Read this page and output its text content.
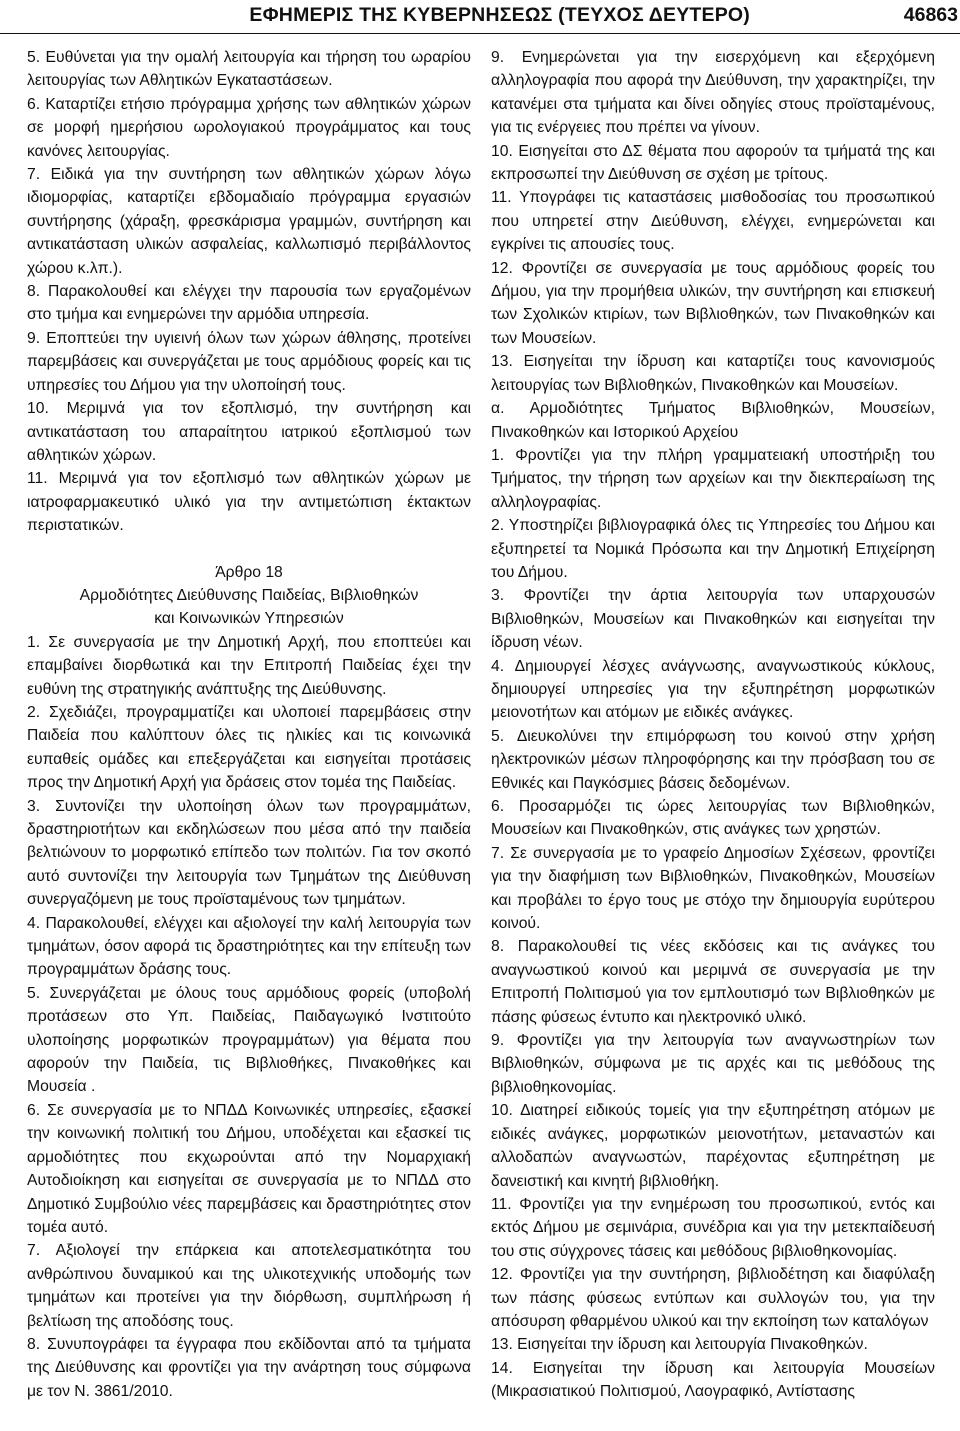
ΕΦΗΜΕΡΙΣ ΤΗΣ ΚΥΒΕΡΝΗΣΕΩΣ (ΤΕΥΧΟΣ ΔΕΥΤΕΡΟ)	46863

5. Ευθύνεται για την ομαλή λειτουργία και τήρηση του ωραρίου λειτουργίας των Αθλητικών Εγκαταστάσεων.

6. Καταρτίζει ετήσιο πρόγραμμα χρήσης των αθλητικών χώρων σε μορφή ημερήσιου ωρολογιακού προγράμματος και τους κανόνες λειτουργίας.

7. Ειδικά για την συντήρηση των αθλητικών χώρων λόγω ιδιομορφίας, καταρτίζει εβδομαδιαίο πρόγραμμα εργασιών συντήρησης (χάραξη, φρεσκάρισμα γραμμών, συντήρηση και αντικατάσταση υλικών ασφαλείας, καλλωπισμό περιβάλλοντος χώρου κ.λπ.).

8. Παρακολουθεί και ελέγχει την παρουσία των εργαζομένων στο τμήμα και ενημερώνει την αρμόδια υπηρεσία.

9. Εποπτεύει την υγιεινή όλων των χώρων άθλησης, προτείνει παρεμβάσεις και συνεργάζεται με τους αρμόδιους φορείς και τις υπηρεσίες του Δήμου για την υλοποίησή τους.

10. Μεριμνά για τον εξοπλισμό, την συντήρηση και αντικατάσταση του απαραίτητου ιατρικού εξοπλισμού των αθλητικών χώρων.

11. Μεριμνά για τον εξοπλισμό των αθλητικών χώρων με ιατροφαρμακευτικό υλικό για την αντιμετώπιση έκτακτων περιστατικών.

Άρθρο 18

Αρμοδιότητες Διεύθυνσης Παιδείας, Βιβλιοθηκών

και Κοινωνικών Υπηρεσιών

1. Σε συνεργασία με την Δημοτική Αρχή, που εποπτεύει και επαμβαίνει διορθωτικά και την Επιτροπή Παιδείας έχει την ευθύνη της στρατηγικής ανάπτυξης της Διεύθυνσης.

2. Σχεδιάζει, προγραμματίζει και υλοποιεί παρεμβάσεις στην Παιδεία που καλύπτουν όλες τις ηλικίες και τις κοινωνικά ευπαθείς ομάδες και επεξεργάζεται και εισηγείται προτάσεις προς την Δημοτική Αρχή για δράσεις στον τομέα της Παιδείας.

3. Συντονίζει την υλοποίηση όλων των προγραμμάτων, δραστηριοτήτων και εκδηλώσεων που μέσα από την παιδεία βελτιώνουν το μορφωτικό επίπεδο των πολιτών. Για τον σκοπό αυτό συντονίζει την λειτουργία των Τμημάτων της Διεύθυνση συνεργαζόμενη με τους προϊσταμένους των τμημάτων.

4. Παρακολουθεί, ελέγχει και αξιολογεί την καλή λειτουργία των τμημάτων, όσον αφορά τις δραστηριότητες και την επίτευξη των προγραμμάτων δράσης τους.

5. Συνεργάζεται με όλους τους αρμόδιους φορείς (υποβολή προτάσεων στο Υπ. Παιδείας, Παιδαγωγικό Ινστιτούτο υλοποίησης μορφωτικών προγραμμάτων) για θέματα που αφορούν την Παιδεία, τις Βιβλιοθήκες, Πινακοθήκες και Μουσεία .

6. Σε συνεργασία με το ΝΠΔΔ Κοινωνικές υπηρεσίες, εξασκεί την κοινωνική πολιτική του Δήμου, υποδέχεται και εξασκεί τις αρμοδιότητες που εκχωρούνται από την Νομαρχιακή Αυτοδιοίκηση και εισηγείται σε συνεργασία με το ΝΠΔΔ στο Δημοτικό Συμβούλιο νέες παρεμβάσεις και δραστηριότητες στον τομέα αυτό.

7. Αξιολογεί την επάρκεια και αποτελεσματικότητα του ανθρώπινου δυναμικού και της υλικοτεχνικής υποδομής των τμημάτων και προτείνει για την διόρθωση, συμπλήρωση ή βελτίωση της αποδόσης τους.

8. Συνυπογράφει τα έγγραφα που εκδίδονται από τα τμήματα της Διεύθυνσης και φροντίζει για την ανάρτηση τους σύμφωνα με τον Ν. 3861/2010.

9. Ενημερώνεται για την εισερχόμενη και εξερχόμενη αλληλογραφία που αφορά την Διεύθυνση, την χαρακτηρίζει, την κατανέμει στα τμήματα και δίνει οδηγίες στους προϊσταμένους, για τις ενέργειες που πρέπει να γίνουν.

10. Εισηγείται στο ΔΣ θέματα που αφορούν τα τμήματά της και εκπροσωπεί την Διεύθυνση σε σχέση με τρίτους.

11. Υπογράφει τις καταστάσεις μισθοδοσίας του προσωπικού που υπηρετεί στην Διεύθυνση, ελέγχει, ενημερώνεται και εγκρίνει τις απουσίες τους.

12. Φροντίζει σε συνεργασία με τους αρμόδιους φορείς του Δήμου, για την προμήθεια υλικών, την συντήρηση και επισκευή των Σχολικών κτιρίων, των Βιβλιοθηκών, των Πινακοθηκών και των Μουσείων.

13. Εισηγείται την ίδρυση και καταρτίζει τους κανονισμούς λειτουργίας των Βιβλιοθηκών, Πινακοθηκών και Μουσείων.

α. Αρμοδιότητες Τμήματος Βιβλιοθηκών, Μουσείων, Πινακοθηκών και Ιστορικού Αρχείου

1. Φροντίζει για την πλήρη γραμματειακή υποστήριξη του Τμήματος, την τήρηση των αρχείων και την διεκπεραίωση της αλληλογραφίας.

2. Υποστηρίζει βιβλιογραφικά όλες τις Υπηρεσίες του Δήμου και εξυπηρετεί τα Νομικά Πρόσωπα και την Δημοτική Επιχείρηση του Δήμου.

3. Φροντίζει την άρτια λειτουργία των υπαρχουσών Βιβλιοθηκών, Μουσείων και Πινακοθηκών και εισηγείται την ίδρυση νέων.

4. Δημιουργεί λέσχες ανάγνωσης, αναγνωστικούς κύκλους, δημιουργεί υπηρεσίες για την εξυπηρέτηση μορφωτικών μειονοτήτων και ατόμων με ειδικές ανάγκες.

5. Διευκολύνει την επιμόρφωση του κοινού στην χρήση ηλεκτρονικών μέσων πληροφόρησης και την πρόσβαση του σε Εθνικές και Παγκόσμιες βάσεις δεδομένων.

6. Προσαρμόζει τις ώρες λειτουργίας των Βιβλιοθηκών, Μουσείων και Πινακοθηκών, στις ανάγκες των χρηστών.

7. Σε συνεργασία με το γραφείο Δημοσίων Σχέσεων, φροντίζει για την διαφήμιση των Βιβλιοθηκών, Πινακοθηκών, Μουσείων και προβάλει το έργο τους με στόχο την δημιουργία ευρύτερου κοινού.

8. Παρακολουθεί τις νέες εκδόσεις και τις ανάγκες του αναγνωστικού κοινού και μεριμνά σε συνεργασία με την Επιτροπή Πολιτισμού για τον εμπλουτισμό των Βιβλιοθηκών με πάσης φύσεως έντυπο και ηλεκτρονικό υλικό.

9. Φροντίζει για την λειτουργία των αναγνωστηρίων των Βιβλιοθηκών, σύμφωνα με τις αρχές και τις μεθόδους της βιβλιοθηκονομίας.

10. Διατηρεί ειδικούς τομείς για την εξυπηρέτηση ατόμων με ειδικές ανάγκες, μορφωτικών μειονοτήτων, μεταναστών και αλλοδαπών αναγνωστών, παρέχοντας εξυπηρέτηση με δανειστική και κινητή βιβλιοθήκη.

11. Φροντίζει για την ενημέρωση του προσωπικού, εντός και εκτός Δήμου με σεμινάρια, συνέδρια και για την μετεκπαίδευσή του στις σύγχρονες τάσεις και μεθόδους βιβλιοθηκονομίας.

12. Φροντίζει για την συντήρηση, βιβλιοδέτηση και διαφύλαξη των πάσης φύσεως εντύπων και συλλογών του, για την απόσυρση φθαρμένου υλικού και την εκποίηση των καταλόγων

13. Εισηγείται την ίδρυση και λειτουργία Πινακοθηκών.

14. Εισηγείται την ίδρυση και λειτουργία Μουσείων (Μικρασιατικού Πολιτισμού, Λαογραφικό, Αντίστασης
